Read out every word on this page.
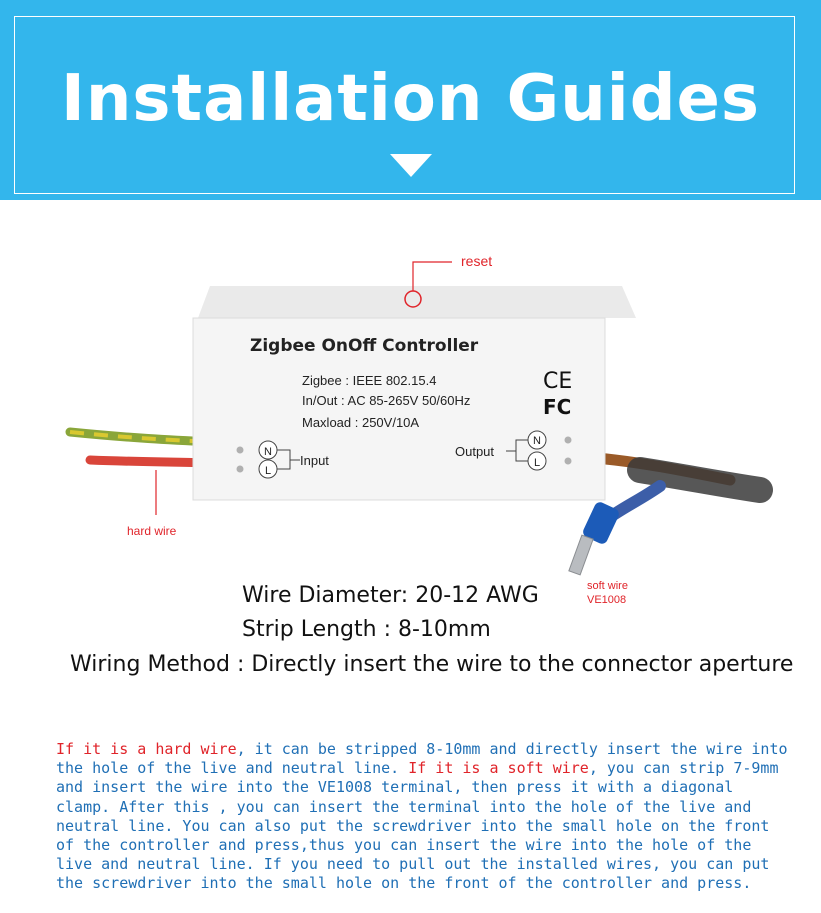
Installation Guides
reset
Zigbee OnOff Controller
Zigbee : IEEE 802.15.4
In/Out : AC 85-265V 50/60Hz
Maxload : 250V/10A
CE
FC
N
L
Input
N
L
Output
hard wire
soft wire
VE1008
Wire Diameter: 20-12 AWG
Strip Length : 8-10mm
Wiring Method : Directly insert the wire to the connector aperture

If it is a hard wire, it can be stripped 8-10mm and directly insert the wire into the hole of the live and neutral line. If it is a soft wire, you can strip 7-9mm and insert the wire into the VE1008 terminal, then press it with a diagonal clamp. After this , you can insert the terminal into the hole of the live and neutral line. You can also put the screwdriver into the small hole on the front of the controller and press,thus you can insert the wire into the hole of the live and neutral line. If you need to pull out the installed wires, you can put the screwdriver into the small hole on the front of the controller and press.
